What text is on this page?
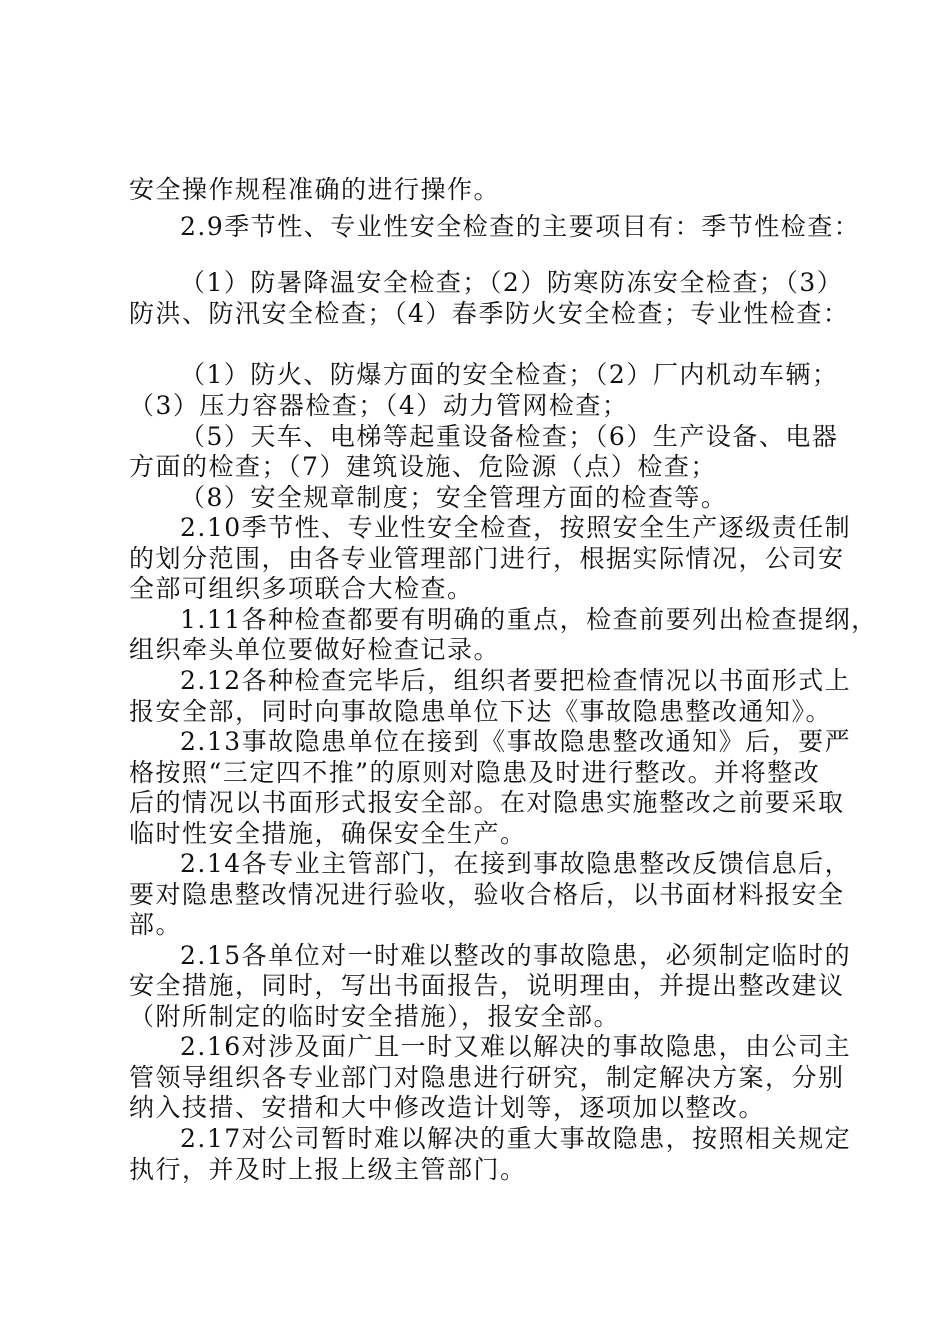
安全操作规程准确的进行操作。
2.9季节性、专业性安全检查的主要项目有：季节性检查：
（1）防暑降温安全检查；（2）防寒防冻安全检查；（3）
防洪、防汛安全检查；（4）春季防火安全检查；专业性检查：
（1）防火、防爆方面的安全检查；（2）厂内机动车辆；
（3）压力容器检查；（4）动力管网检查；
（5）天车、电梯等起重设备检查；（6）生产设备、电器
方面的检查；（7）建筑设施、危险源（点）检查；
（8）安全规章制度；安全管理方面的检查等。
2.10季节性、专业性安全检查，按照安全生产逐级责任制
的划分范围，由各专业管理部门进行，根据实际情况，公司安
全部可组织多项联合大检查。
1.11各种检查都要有明确的重点，检查前要列出检查提纲，
组织牵头单位要做好检查记录。
2.12各种检查完毕后，组织者要把检查情况以书面形式上
报安全部，同时向事故隐患单位下达《事故隐患整改通知》。
2.13事故隐患单位在接到《事故隐患整改通知》后，要严
格按照“三定四不推”的原则对隐患及时进行整改。并将整改
后的情况以书面形式报安全部。在对隐患实施整改之前要采取
临时性安全措施，确保安全生产。
2.14各专业主管部门，在接到事故隐患整改反馈信息后，
要对隐患整改情况进行验收，验收合格后，以书面材料报安全
部。
2.15各单位对一时难以整改的事故隐患，必须制定临时的
安全措施，同时，写出书面报告，说明理由，并提出整改建议
（附所制定的临时安全措施），报安全部。
2.16对涉及面广且一时又难以解决的事故隐患，由公司主
管领导组织各专业部门对隐患进行研究，制定解决方案，分别
纳入技措、安措和大中修改造计划等，逐项加以整改。
2.17对公司暂时难以解决的重大事故隐患，按照相关规定
执行，并及时上报上级主管部门。
